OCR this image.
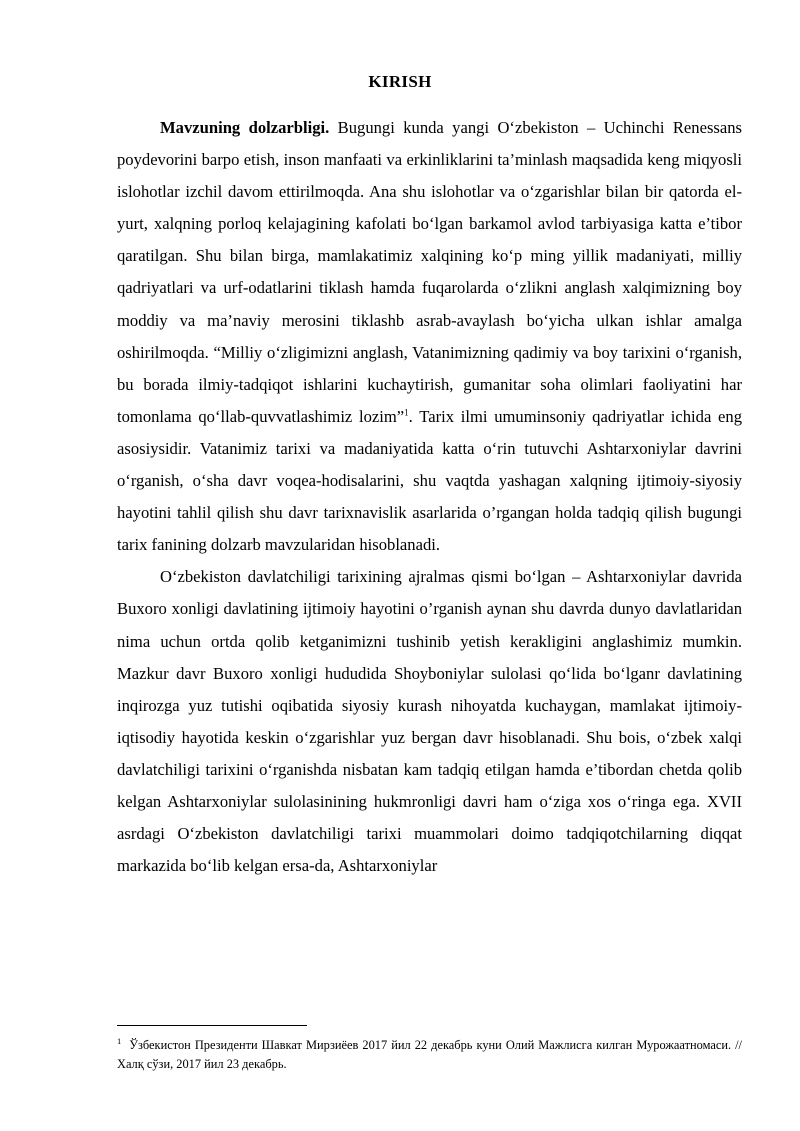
KIRISH

Mavzuning dolzarbligi. Bugungi kunda yangi O‘zbekiston – Uchinchi Renessans poydevorini barpo etish, inson manfaati va erkinliklarini ta’minlash maqsadida keng miqyosli islohotlar izchil davom ettirilmoqda. Ana shu islohotlar va o‘zgarishlar bilan bir qatorda el-yurt, xalqning porloq kelajagining kafolati bo‘lgan barkamol avlod tarbiyasiga katta e’tibor qaratilgan. Shu bilan birga, mamlakatimiz xalqining ko‘p ming yillik madaniyati, milliy qadriyatlari va urf-odatlarini tiklash hamda fuqarolarda o‘zlikni anglash xalqimizning boy moddiy va ma’naviy merosini tiklashb asrab-avaylash bo‘yicha ulkan ishlar amalga oshirilmoqda. “Milliy o‘zligimizni anglash, Vatanimizning qadimiy va boy tarixini o‘rganish, bu borada ilmiy-tadqiqot ishlarini kuchaytirish, gumanitar soha olimlari faoliyatini har tomonlama qo‘llab-quvvatlashimiz lozim”$^1$. Tarix ilmi umuminsoniy qadriyatlar ichida eng asosiysidir. Vatanimiz tarixi va madaniyatida katta o‘rin tutuvchi Ashtarxoniylar davrini o‘rganish, o‘sha davr voqea-hodisalarini, shu vaqtda yashagan xalqning ijtimoiy-siyosiy hayotini tahlil qilish shu davr tarixnavislik asarlarida o’rgangan holda tadqiq qilish bugungi tarix fanining dolzarb mavzularidan hisoblanadi.

O‘zbekiston davlatchiligi tarixining ajralmas qismi bo‘lgan – Ashtarxoniylar davrida Buxoro xonligi davlatining ijtimoiy hayotini o’rganish aynan shu davrda dunyo davlatlaridan nima uchun ortda qolib ketganimizni tushinib yetish kerakligini anglashimiz mumkin. Mazkur davr Buxoro xonligi hududida Shoyboniylar sulolasi qo‘lida bo‘lganr davlatining inqirozga yuz tutishi oqibatida siyosiy kurash nihoyatda kuchaygan, mamlakat ijtimoiy-iqtisodiy hayotida keskin o‘zgarishlar yuz bergan davr hisoblanadi. Shu bois, o‘zbek xalqi davlatchiligi tarixini o‘rganishda nisbatan kam tadqiq etilgan hamda e’tibordan chetda qolib kelgan Ashtarxoniylar sulolasinining hukmronligi davri ham o‘ziga xos o‘ringa ega. XVII asrdagi O‘zbekiston davlatchiligi tarixi muammolari doimo tadqiqotchilarning diqqat markazida bo‘lib kelgan ersa-da, Ashtarxoniylar

$^1$ Ўзбекистон Президенти Шавкат Мирзиёев 2017 йил 22 декабрь куни Олий Мажлисга килган Мурожаатномаси. // Халқ сўзи, 2017 йил 23 декабрь.
